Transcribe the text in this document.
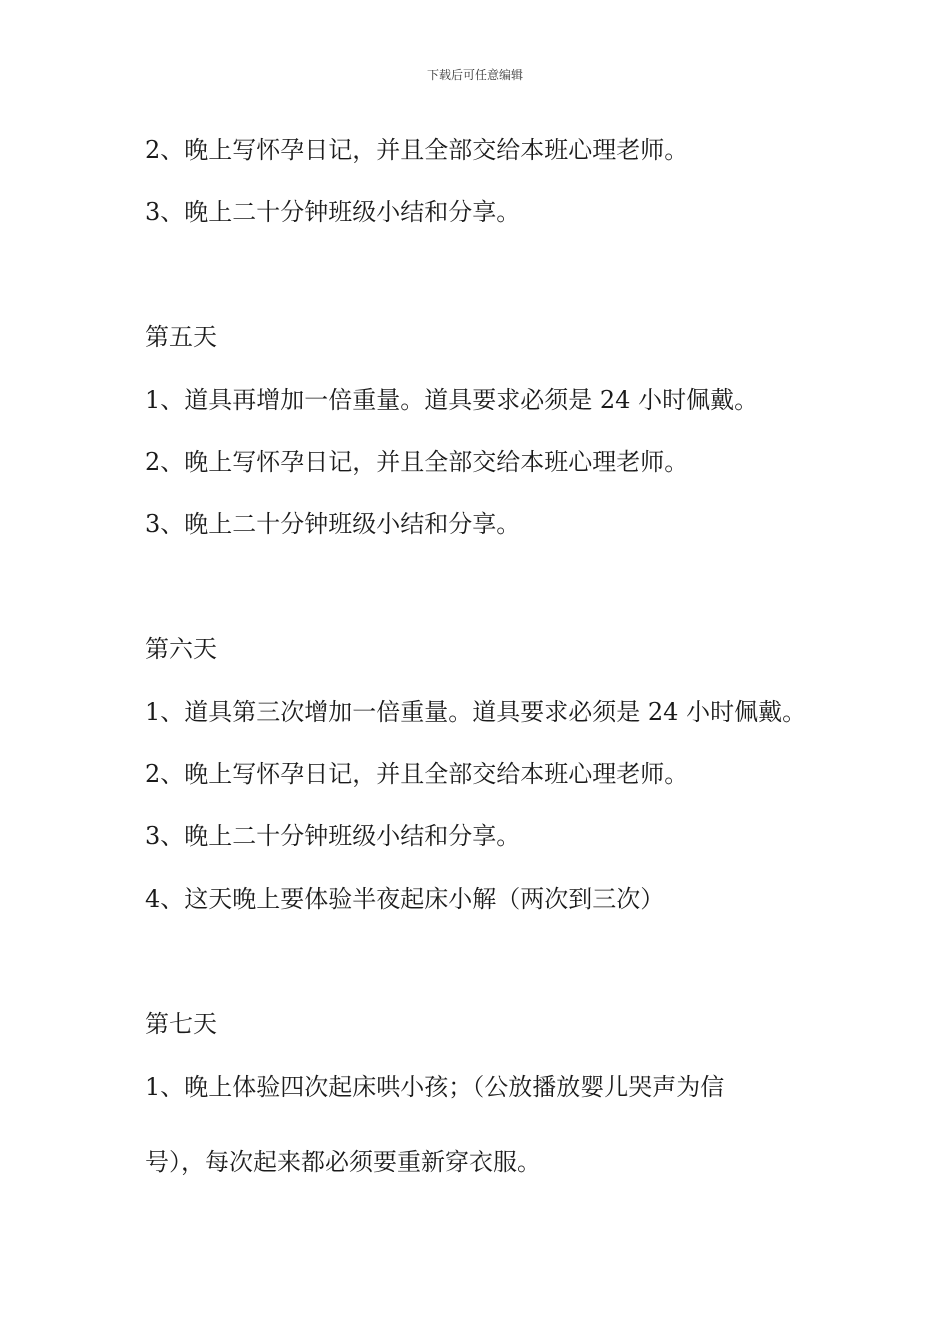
下载后可任意编辑
2、晚上写怀孕日记，并且全部交给本班心理老师。
3、晚上二十分钟班级小结和分享。
第五天
1、道具再增加一倍重量。道具要求必须是 24 小时佩戴。
2、晚上写怀孕日记，并且全部交给本班心理老师。
3、晚上二十分钟班级小结和分享。
第六天
1、道具第三次增加一倍重量。道具要求必须是 24 小时佩戴。
2、晚上写怀孕日记，并且全部交给本班心理老师。
3、晚上二十分钟班级小结和分享。
4、这天晚上要体验半夜起床小解（两次到三次）
第七天
1、晚上体验四次起床哄小孩；（公放播放婴儿哭声为信
号），每次起来都必须要重新穿衣服。
